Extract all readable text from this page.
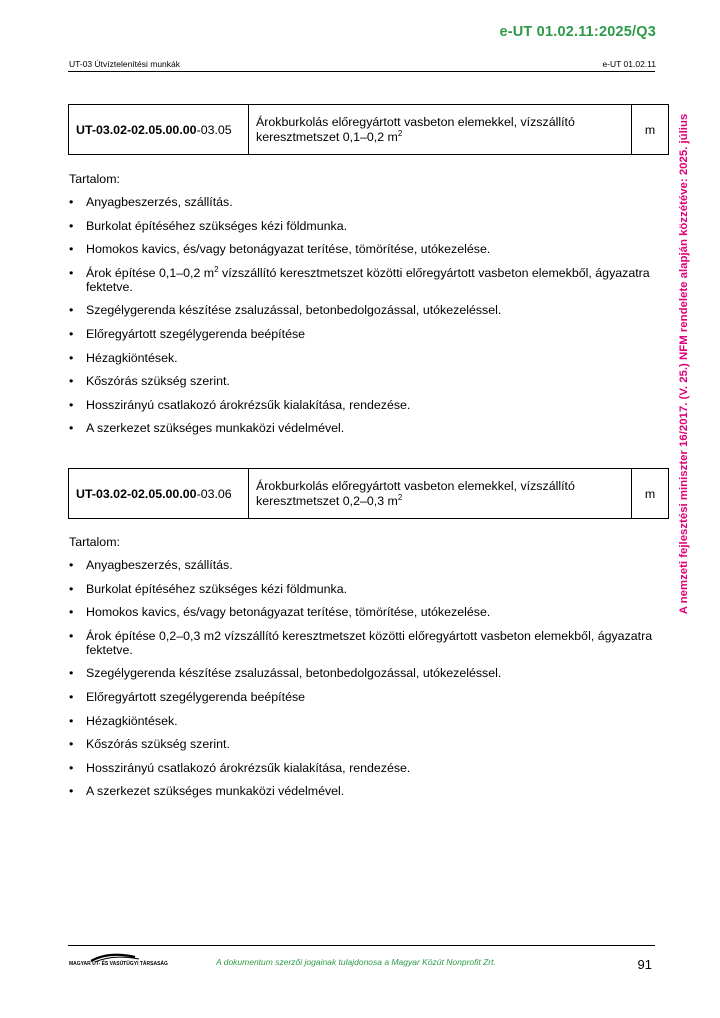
e-UT 01.02.11:2025/Q3
UT-03 Útvíztelenítési munkák	e-UT 01.02.11
A nemzeti fejlesztési miniszter 16/2017. (V. 25.) NFM rendelete alapján közzétéve: 2025. július
UT-03.02-02.05.00.00-03.05	Árokburkolás előregyártott vasbeton elemekkel, vízszállító
keresztmetszet 0,1–0,2 $m^2$	m
Tartalom:
• Anyagbeszerzés, szállítás.
• Burkolat építéséhez szükséges kézi földmunka.
• Homokos kavics, és/vagy betonágyazat terítése, tömörítése, utókezelése.
• Árok építése 0,1–0,2 $m^2$ vízszállító keresztmetszet közötti előregyártott vasbeton elemekből, ágyazatra fektetve.
• Szegélygerenda készítése zsaluzással, betonbedolgozással, utókezeléssel.
• Előregyártott szegélygerenda beépítése
• Hézagkiöntések.
• Kőszórás szükség szerint.
• Hosszirányú csatlakozó árokrézsűk kialakítása, rendezése.
• A szerkezet szükséges munkaközi védelmével.
UT-03.02-02.05.00.00-03.06	Árokburkolás előregyártott vasbeton elemekkel, vízszállító
keresztmetszet 0,2–0,3 $m^2$	m
Tartalom:
• Anyagbeszerzés, szállítás.
• Burkolat építéséhez szükséges kézi földmunka.
• Homokos kavics, és/vagy betonágyazat terítése, tömörítése, utókezelése.
• Árok építése 0,2–0,3 m2 vízszállító keresztmetszet közötti előregyártott vasbeton elemekből, ágyazatra fektetve.
• Szegélygerenda készítése zsaluzással, betonbedolgozással, utókezeléssel.
• Előregyártott szegélygerenda beépítése
• Hézagkiöntések.
• Kőszórás szükség szerint.
• Hosszirányú csatlakozó árokrézsűk kialakítása, rendezése.
• A szerkezet szükséges munkaközi védelmével.
MAGYAR ÚT- ÉS VASÚTÜGYI TÁRSASÁG	A dokumentum szerzői jogainak tulajdonosa a Magyar Közút Nonprofit Zrt.	91
